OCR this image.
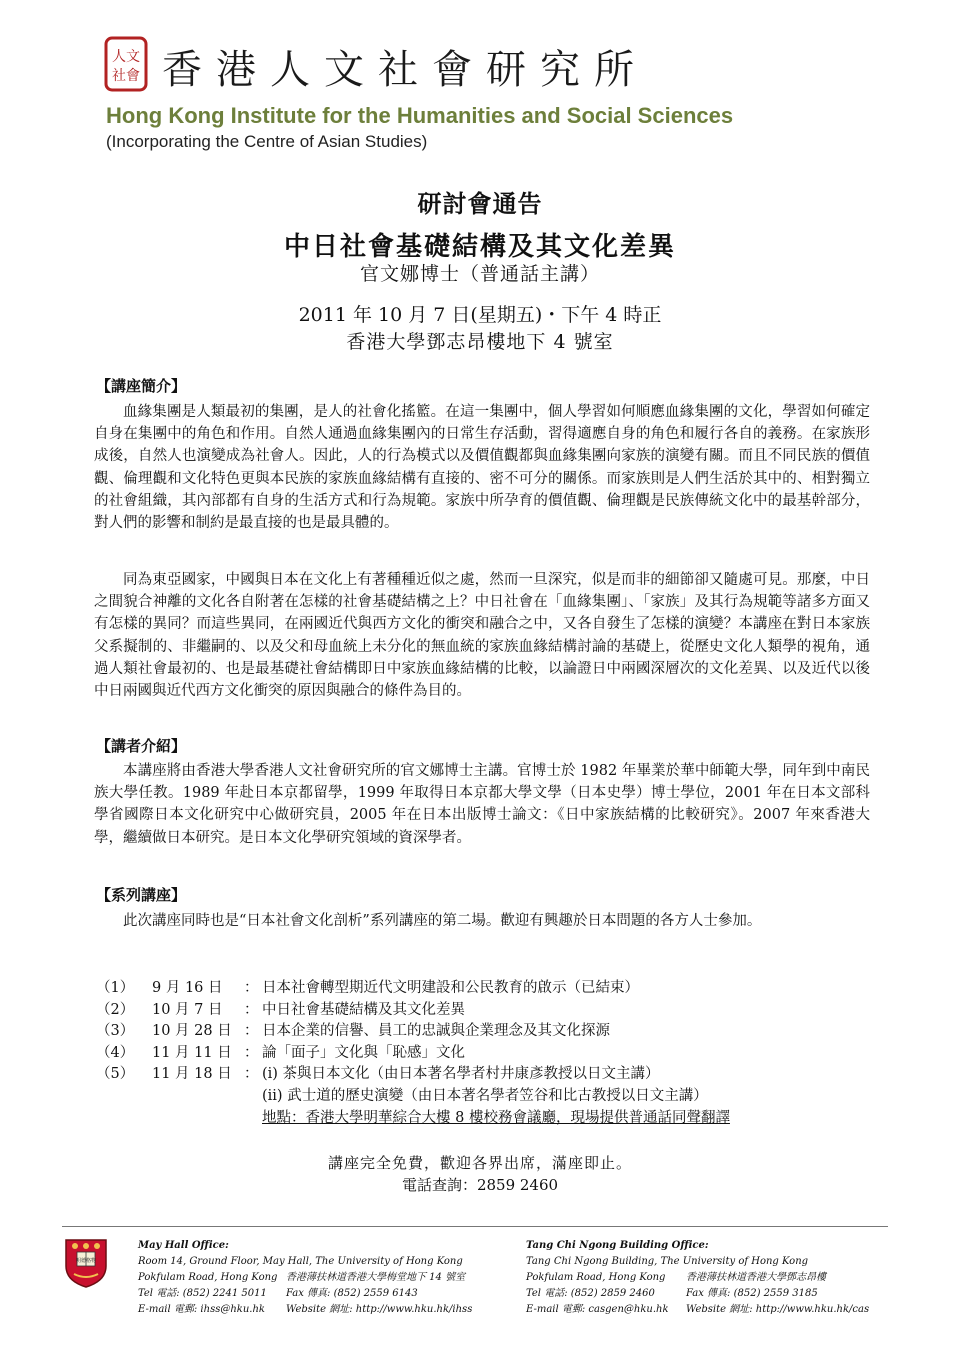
人文
社會 香港人文社會研究所
Hong Kong Institute for the Humanities and Social Sciences
(Incorporating the Centre of Asian Studies)
研討會通告
中日社會基礎結構及其文化差異
官文娜博士（普通話主講）
2011 年 10 月 7 日(星期五)・下午 4 時正
香港大學鄧志昂樓地下 4 號室
【講座簡介】

血緣集團是人類最初的集團，是人的社會化搖籃。在這一集團中，個人學習如何順應血緣集團的文化，學習如何確定自身在集團中的角色和作用。自然人通過血緣集團內的日常生存活動，習得適應自身的角色和履行各自的義務。在家族形成後，自然人也演變成為社會人。因此，人的行為模式以及價值觀都與血緣集團向家族的演變有關。而且不同民族的價值觀、倫理觀和文化特色更與本民族的家族血緣結構有直接的、密不可分的關係。而家族則是人們生活於其中的、相對獨立的社會組織，其內部都有自身的生活方式和行為規範。家族中所孕育的價值觀、倫理觀是民族傳統文化中的最基幹部分，對人們的影響和制約是最直接的也是最具體的。

同為東亞國家，中國與日本在文化上有著種種近似之處，然而一旦深究，似是而非的細節卻又隨處可見。那麼，中日之間貌合神離的文化各自附著在怎樣的社會基礎結構之上？中日社會在「血緣集團」、「家族」及其行為規範等諸多方面又有怎樣的異同？而這些異同，在兩國近代與西方文化的衝突和融合之中，又各自發生了怎樣的演變？本講座在對日本家族父系擬制的、非繼嗣的、以及父和母血統上未分化的無血統的家族血緣結構討論的基礎上，從歷史文化人類學的視角，通過人類社會最初的、也是最基礎社會結構即日中家族血緣結構的比較，以論證日中兩國深層次的文化差異、以及近代以後中日兩國與近代西方文化衝突的原因與融合的條件為目的。

【講者介紹】

本講座將由香港大學香港人文社會研究所的官文娜博士主講。官博士於 1982 年畢業於華中師範大學，同年到中南民族大學任教。1989 年赴日本京都留學，1999 年取得日本京都大學文學（日本史學）博士學位，2001 年在日本文部科學省國際日本文化研究中心做研究員，2005 年在日本出版博士論文：《日中家族結構的比較研究》。2007 年來香港大學，繼續做日本研究。是日本文化學研究領域的資深學者。

【系列講座】

此次講座同時也是“日本社會文化剖析”系列講座的第二場。歡迎有興趣於日本問題的各方人士參加。

（1） 9 月 16 日 ： 日本社會轉型期近代文明建設和公民教育的啟示（已結束）
（2） 10 月 7 日 ： 中日社會基礎結構及其文化差異
（3） 10 月 28 日 ： 日本企業的信譽、員工的忠誠與企業理念及其文化探源
（4） 11 月 11 日 ： 論「面子」文化與「恥感」文化
（5） 11 月 18 日 ： (i) 茶與日本文化（由日本著名學者村井康彥教授以日文主講）
(ii) 武士道的歷史演變（由日本著名學者笠谷和比古教授以日文主講）
地點：香港大學明華綜合大樓 8 樓校務會議廳，現場提供普通話同聲翻譯
講座完全免費，歡迎各界出席，滿座即止。
電話查詢：2859 2460
明德格物
May Hall Office:
Room 14, Ground Floor, May Hall, The University of Hong Kong
Pokfulam Road, Hong Kong 香港薄扶林道香港大學梅堂地下 14 號室
Tel 電話: (852) 2241 5011 Fax 傳真: (852) 2559 6143
E-mail 電郵: ihss@hku.hk Website 網址: http://www.hku.hk/ihss
Tang Chi Ngong Building Office:
Tang Chi Ngong Building, The University of Hong Kong
Pokfulam Road, Hong Kong 香港薄扶林道香港大學鄧志昂樓
Tel 電話: (852) 2859 2460	Fax 傳真: (852) 2559 3185
E-mail 電郵: casgen@hku.hk Website 網址: http://www.hku.hk/cas
